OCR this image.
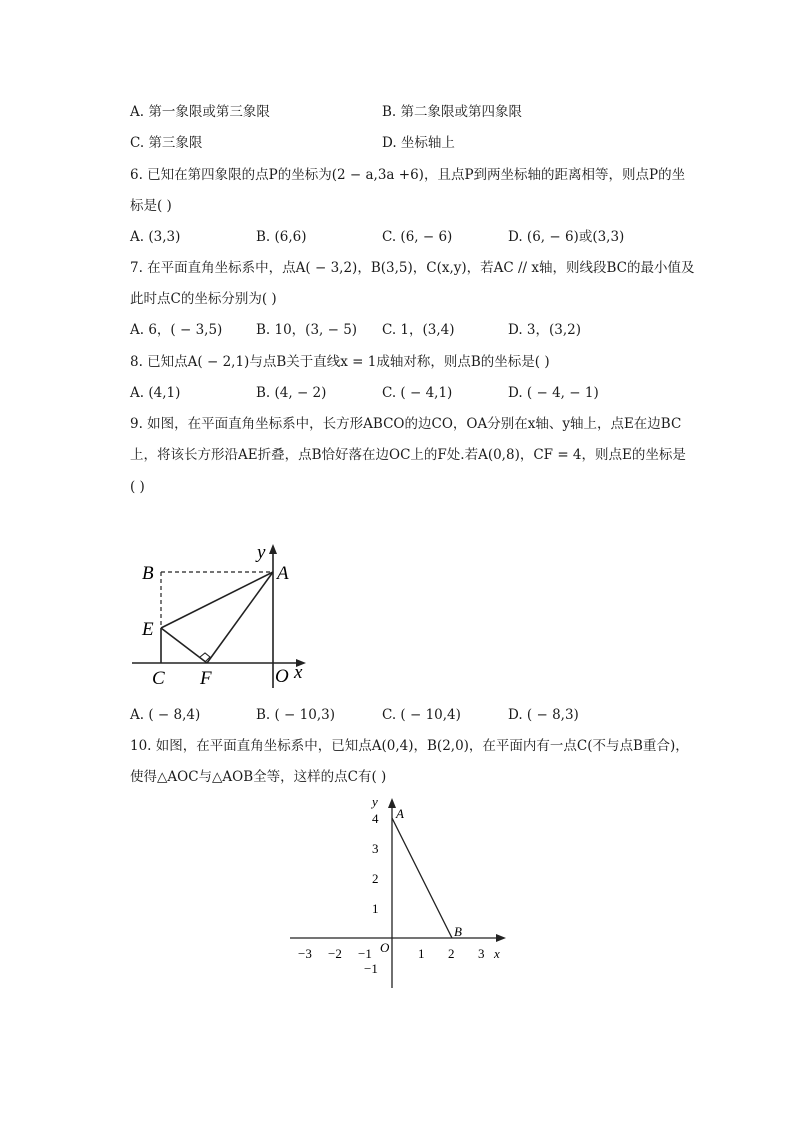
A. 第一象限或第三象限	B. 第二象限或第四象限
C. 第三象限	D. 坐标轴上
6. 已知在第四象限的点P的坐标为(2 − a,3a +6)，且点P到两坐标轴的距离相等，则点P的坐
标是( )
A. (3,3)	B. (6,6)	C. (6, − 6)	D. (6, − 6)或(3,3)
7. 在平面直角坐标系中，点A( − 3,2)，B(3,5)，C(x,y)，若AC // x轴，则线段BC的最小值及
此时点C的坐标分别为( )
A. 6，( − 3,5) B. 10，(3, − 5) C. 1，(3,4)	D. 3，(3,2)
8. 已知点A( − 2,1)与点B关于直线x = 1成轴对称，则点B的坐标是( )
A. (4,1)	B. (4, − 2)	C. ( − 4,1)	D. ( − 4, − 1)
9. 如图，在平面直角坐标系中，长方形ABCO的边CO，OA分别在x轴、y轴上，点E在边BC
上，将该长方形沿AE折叠，点B恰好落在边OC上的F处.若A(0,8)，CF = 4，则点E的坐标是
( )
B	A
E
C F	O
y
x
A. ( − 8,4)	B. ( − 10,3)	C. ( − 10,4)	D. ( − 8,3)
10. 如图，在平面直角坐标系中，已知点A(0,4)，B(2,0)，在平面内有一点C(不与点B重合)，
使得△AOC与△AOB全等，这样的点C有( )
−3 −2 −1	1 2 3 x
4
3
2
1
−1
y
O
A
B
